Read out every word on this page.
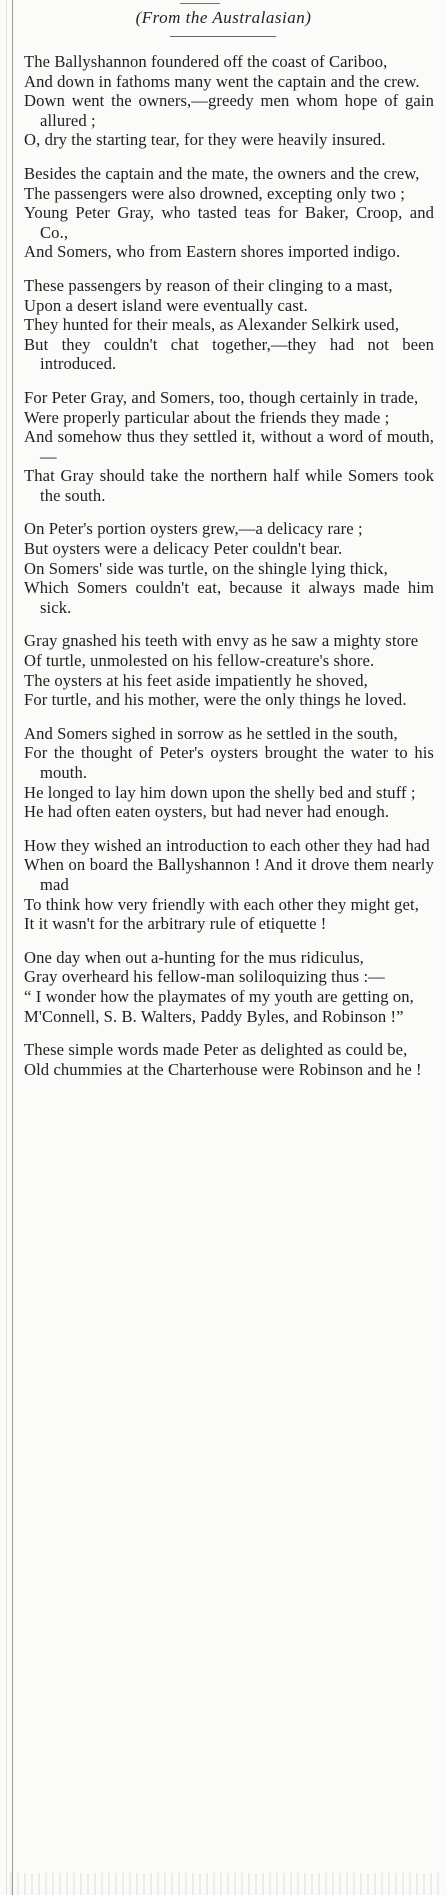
(From the Australasian)
The Ballyshannon foundered off the coast of Cariboo,
And down in fathoms many went the captain and the crew.
Down went the owners,—greedy men whom hope of gain allured ;
O, dry the starting tear, for they were heavily insured.
Besides the captain and the mate, the owners and the crew,
The passengers were also drowned, excepting only two ;
Young Peter Gray, who tasted teas for Baker, Croop, and Co.,
And Somers, who from Eastern shores imported indigo.
These passengers by reason of their clinging to a mast,
Upon a desert island were eventually cast.
They hunted for their meals, as Alexander Selkirk used,
But they couldn't chat together,—they had not been introduced.
For Peter Gray, and Somers, too, though certainly in trade,
Were properly particular about the friends they made ;
And somehow thus they settled it, without a word of mouth,—
That Gray should take the northern half while Somers took the south.
On Peter's portion oysters grew,—a delicacy rare ;
But oysters were a delicacy Peter couldn't bear.
On Somers' side was turtle, on the shingle lying thick,
Which Somers couldn't eat, because it always made him sick.
Gray gnashed his teeth with envy as he saw a mighty store
Of turtle, unmolested on his fellow-creature's shore.
The oysters at his feet aside impatiently he shoved,
For turtle, and his mother, were the only things he loved.
And Somers sighed in sorrow as he settled in the south,
For the thought of Peter's oysters brought the water to his mouth.
He longed to lay him down upon the shelly bed and stuff ;
He had often eaten oysters, but had never had enough.
How they wished an introduction to each other they had had
When on board the Ballyshannon ! And it drove them nearly mad
To think how very friendly with each other they might get,
It it wasn't for the arbitrary rule of etiquette !
One day when out a-hunting for the mus ridiculus,
Gray overheard his fellow-man soliloquizing thus :—
“ I wonder how the playmates of my youth are getting on,
M'Connell, S. B. Walters, Paddy Byles, and Robinson !”
These simple words made Peter as delighted as could be,
Old chummies at the Charterhouse were Robinson and he !
